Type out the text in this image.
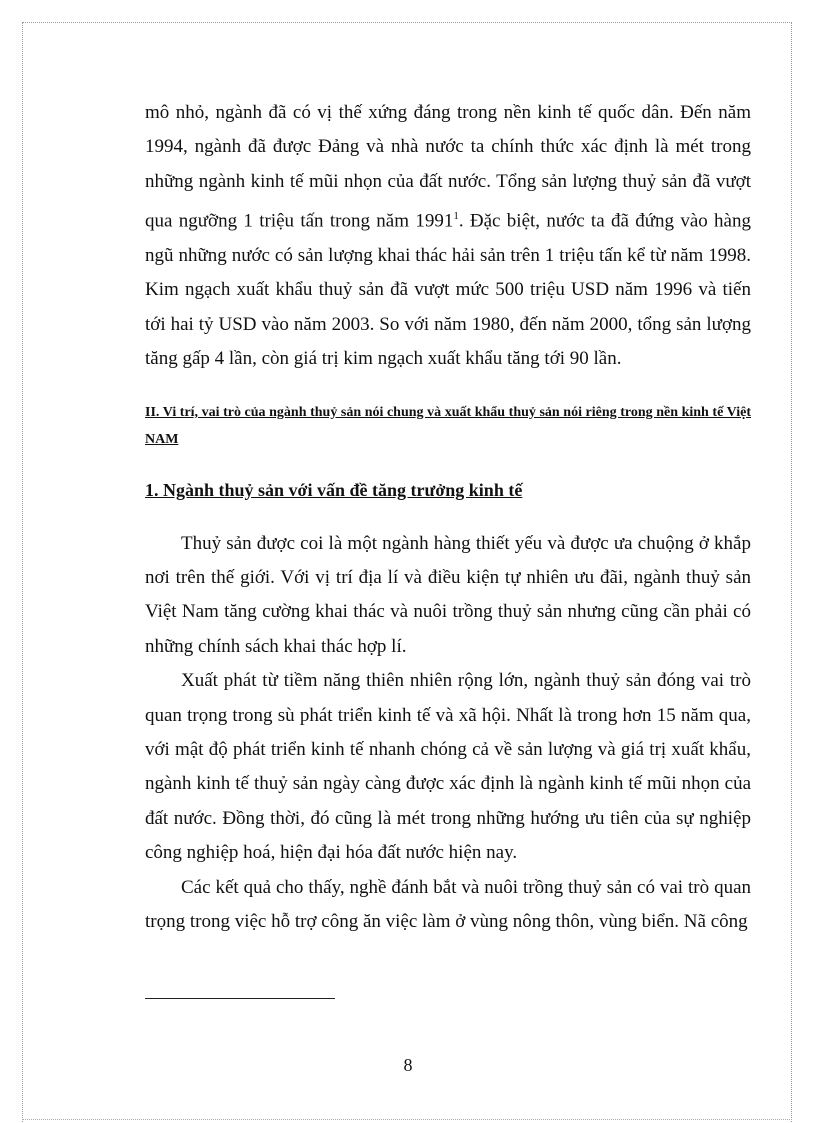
mô nhỏ, ngành đã có vị thế xứng đáng trong nền kinh tế quốc dân. Đến năm 1994, ngành đã được Đảng và nhà nước ta chính thức xác định là mét trong những ngành kinh tế mũi nhọn của đất nước. Tổng sản lượng thuỷ sản đã vượt qua ngưỡng 1 triệu tấn trong năm 1991$^1$. Đặc biệt, nước ta đã đứng vào hàng ngũ những nước có sản lượng khai thác hải sản trên 1 triệu tấn kể từ năm 1998. Kim ngạch xuất khẩu thuỷ sản đã vượt mức 500 triệu USD năm 1996 và tiến tới hai tỷ USD vào năm 2003. So với năm 1980, đến năm 2000, tổng sản lượng tăng gấp 4 lần, còn giá trị kim ngạch xuất khẩu tăng tới 90 lần.

II. Vi trí, vai trò của ngành thuỷ sản nói chung và xuất khẩu thuỷ sản nói riêng trong nền kinh tế Việt NAM
1. Ngành thuỷ sản với vấn đề tăng trưởng kinh tế

Thuỷ sản được coi là một ngành hàng thiết yếu và được ưa chuộng ở khắp nơi trên thế giới. Với vị trí địa lí và điều kiện tự nhiên ưu đãi, ngành thuỷ sản Việt Nam tăng cường khai thác và nuôi trồng thuỷ sản nhưng cũng cần phải có những chính sách khai thác hợp lí.

Xuất phát từ tiềm năng thiên nhiên rộng lớn, ngành thuỷ sản đóng vai trò quan trọng trong sù phát triển kinh tế và xã hội. Nhất là trong hơn 15 năm qua, với mật độ phát triển kinh tế nhanh chóng cả về sản lượng và giá trị xuất khẩu, ngành kinh tế thuỷ sản ngày càng được xác định là ngành kinh tế mũi nhọn của đất nước. Đồng thời, đó cũng là mét trong những hướng ưu tiên của sự nghiệp công nghiệp hoá, hiện đại hóa đất nước hiện nay.

Các kết quả cho thấy, nghề đánh bắt và nuôi trồng thuỷ sản có vai trò quan trọng trong việc hỗ trợ công ăn việc làm ở vùng nông thôn, vùng biển. Nã công

8
